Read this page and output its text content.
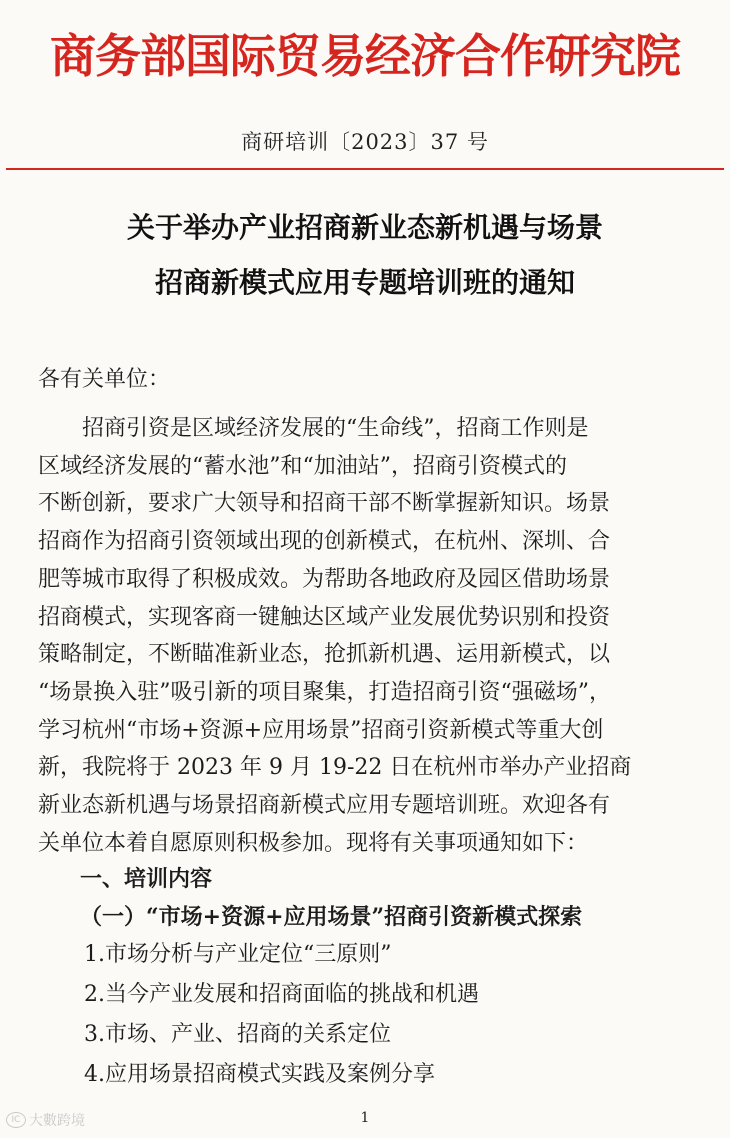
商务部国际贸易经济合作研究院
商研培训〔2023〕37 号
关于举办产业招商新业态新机遇与场景
招商新模式应用专题培训班的通知
各有关单位：
　　招商引资是区域经济发展的“生命线”，招商工作则是
区域经济发展的“蓄水池”和“加油站”，招商引资模式的
不断创新，要求广大领导和招商干部不断掌握新知识。场景
招商作为招商引资领域出现的创新模式，在杭州、深圳、合
肥等城市取得了积极成效。为帮助各地政府及园区借助场景
招商模式，实现客商一键触达区域产业发展优势识别和投资
策略制定，不断瞄准新业态，抢抓新机遇、运用新模式，以
“场景换入驻”吸引新的项目聚集，打造招商引资“强磁场”，
学习杭州“市场+资源+应用场景”招商引资新模式等重大创
新，我院将于 2023 年 9 月 19-22 日在杭州市举办产业招商
新业态新机遇与场景招商新模式应用专题培训班。欢迎各有
关单位本着自愿原则积极参加。现将有关事项通知如下：
一、培训内容
（一）“市场+资源+应用场景”招商引资新模式探索
1.市场分析与产业定位“三原则”
2.当今产业发展和招商面临的挑战和机遇
3.市场、产业、招商的关系定位
4.应用场景招商模式实践及案例分享
1
IC 大數跨境
